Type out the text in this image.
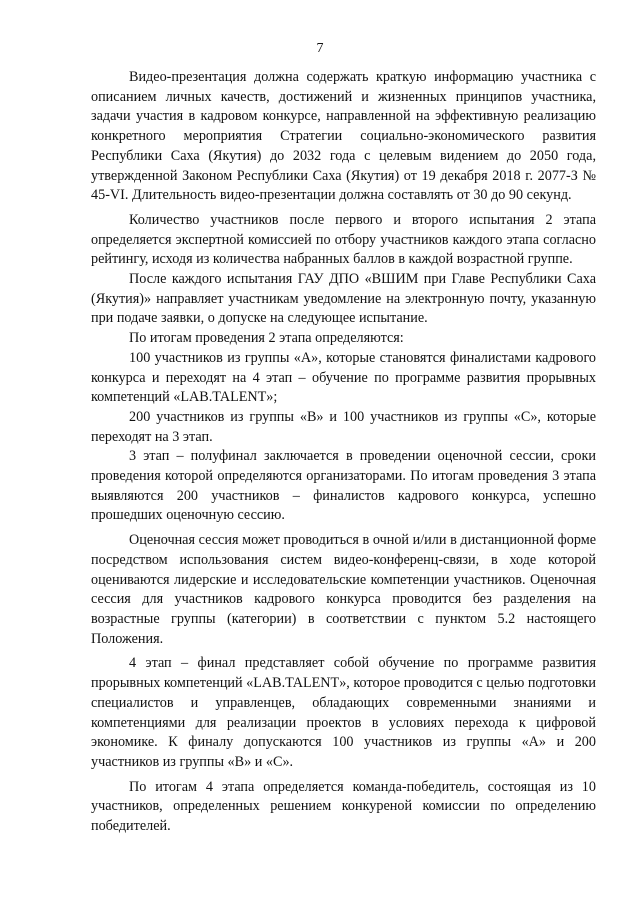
7

Видео-презентация должна содержать краткую информацию участника с описанием личных качеств, достижений и жизненных принципов участника, задачи участия в кадровом конкурсе, направленной на эффективную реализацию конкретного мероприятия Стратегии социально-экономического развития Республики Саха (Якутия) до 2032 года с целевым видением до 2050 года, утвержденной Законом Республики Саха (Якутия) от 19 декабря 2018 г. 2077-З № 45-VI. Длительность видео-презентации должна составлять от 30 до 90 секунд.

Количество участников после первого и второго испытания 2 этапа определяется экспертной комиссией по отбору участников каждого этапа согласно рейтингу, исходя из количества набранных баллов в каждой возрастной группе.

После каждого испытания ГАУ ДПО «ВШИМ при Главе Республики Саха (Якутия)» направляет участникам уведомление на электронную почту, указанную при подаче заявки, о допуске на следующее испытание.

По итогам проведения 2 этапа определяются:

100 участников из группы «А», которые становятся финалистами кадрового конкурса и переходят на 4 этап – обучение по программе развития прорывных компетенций «LAB.TALENT»;

200 участников из группы «В» и 100 участников из группы «С», которые переходят на 3 этап.

3 этап – полуфинал заключается в проведении оценочной сессии, сроки проведения которой определяются организаторами. По итогам проведения 3 этапа выявляются 200 участников – финалистов кадрового конкурса, успешно прошедших оценочную сессию.

Оценочная сессия может проводиться в очной и/или в дистанционной форме посредством использования систем видео-конференц-связи, в ходе которой оцениваются лидерские и исследовательские компетенции участников. Оценочная сессия для участников кадрового конкурса проводится без разделения на возрастные группы (категории) в соответствии с пунктом 5.2 настоящего Положения.

4 этап – финал представляет собой обучение по программе развития прорывных компетенций «LAB.TALENT», которое проводится с целью подготовки специалистов и управленцев, обладающих современными знаниями и компетенциями для реализации проектов в условиях перехода к цифровой экономике. К финалу допускаются 100 участников из группы «А» и 200 участников из группы «В» и «С».

По итогам 4 этапа определяется команда-победитель, состоящая из 10 участников, определенных решением конкуреной комиссии по определению победителей.
